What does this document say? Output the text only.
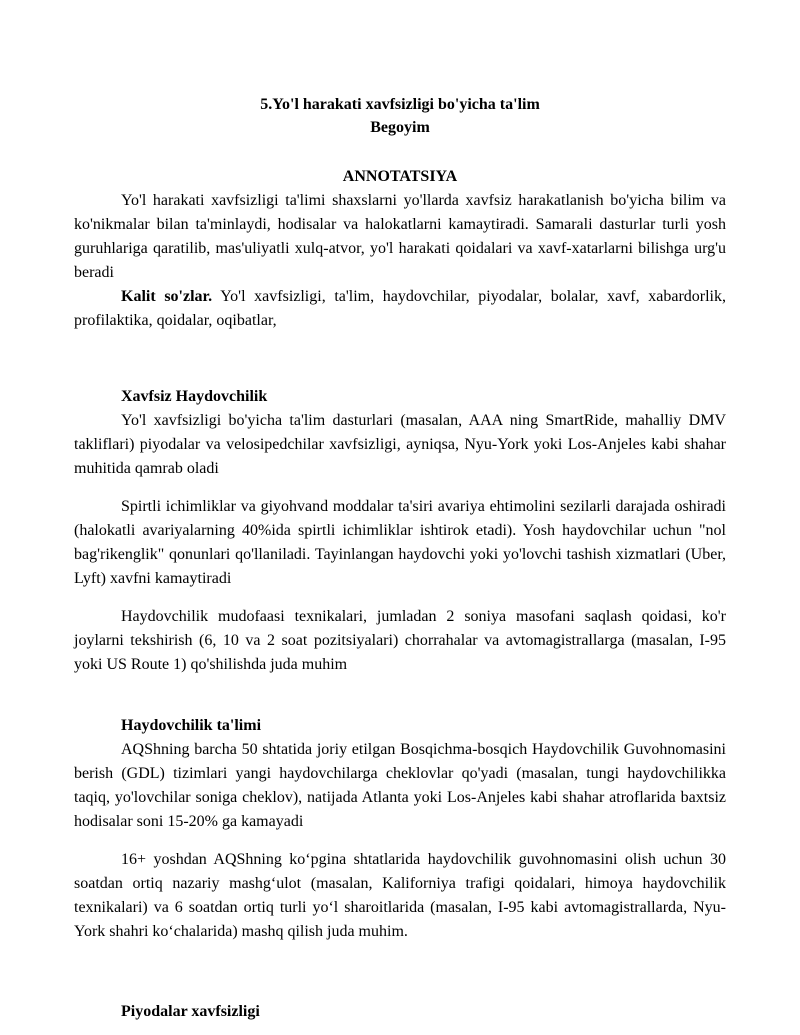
5.Yo'l harakati xavfsizligi bo'yicha ta'lim
Begoyim
ANNOTATSIYA

Yo'l harakati xavfsizligi ta'limi shaxslarni yo'llarda xavfsiz harakatlanish bo'yicha bilim va ko'nikmalar bilan ta'minlaydi, hodisalar va halokatlarni kamaytiradi. Samarali dasturlar turli yosh guruhlariga qaratilib, mas'uliyatli xulq-atvor, yo'l harakati qoidalari va xavf-xatarlarni bilishga urg'u beradi

Kalit so'zlar. Yo'l xavfsizligi, ta'lim, haydovchilar, piyodalar, bolalar, xavf, xabardorlik, profilaktika, qoidalar, oqibatlar,

Xavfsiz Haydovchilik

Yo'l xavfsizligi bo'yicha ta'lim dasturlari (masalan, AAA ning SmartRide, mahalliy DMV takliflari) piyodalar va velosipedchilar xavfsizligi, ayniqsa, Nyu-York yoki Los-Anjeles kabi shahar muhitida qamrab oladi

Spirtli ichimliklar va giyohvand moddalar ta'siri avariya ehtimolini sezilarli darajada oshiradi (halokatli avariyalarning 40%ida spirtli ichimliklar ishtirok etadi). Yosh haydovchilar uchun "nol bag'rikenglik" qonunlari qo'llaniladi. Tayinlangan haydovchi yoki yo'lovchi tashish xizmatlari (Uber, Lyft) xavfni kamaytiradi

Haydovchilik mudofaasi texnikalari, jumladan 2 soniya masofani saqlash qoidasi, ko'r joylarni tekshirish (6, 10 va 2 soat pozitsiyalari) chorrahalar va avtomagistrallarga (masalan, I-95 yoki US Route 1) qo'shilishda juda muhim

Haydovchilik ta'limi

AQShning barcha 50 shtatida joriy etilgan Bosqichma-bosqich Haydovchilik Guvohnomasini berish (GDL) tizimlari yangi haydovchilarga cheklovlar qo'yadi (masalan, tungi haydovchilikka taqiq, yo'lovchilar soniga cheklov), natijada Atlanta yoki Los-Anjeles kabi shahar atroflarida baxtsiz hodisalar soni 15-20% ga kamayadi

16+ yoshdan AQShning koʻpgina shtatlarida haydovchilik guvohnomasini olish uchun 30 soatdan ortiq nazariy mashgʻulot (masalan, Kaliforniya trafigi qoidalari, himoya haydovchilik texnikalari) va 6 soatdan ortiq turli yoʻl sharoitlarida (masalan, I-95 kabi avtomagistrallarda, Nyu-York shahri koʻchalarida) mashq qilish juda muhim.

Piyodalar xavfsizligi
